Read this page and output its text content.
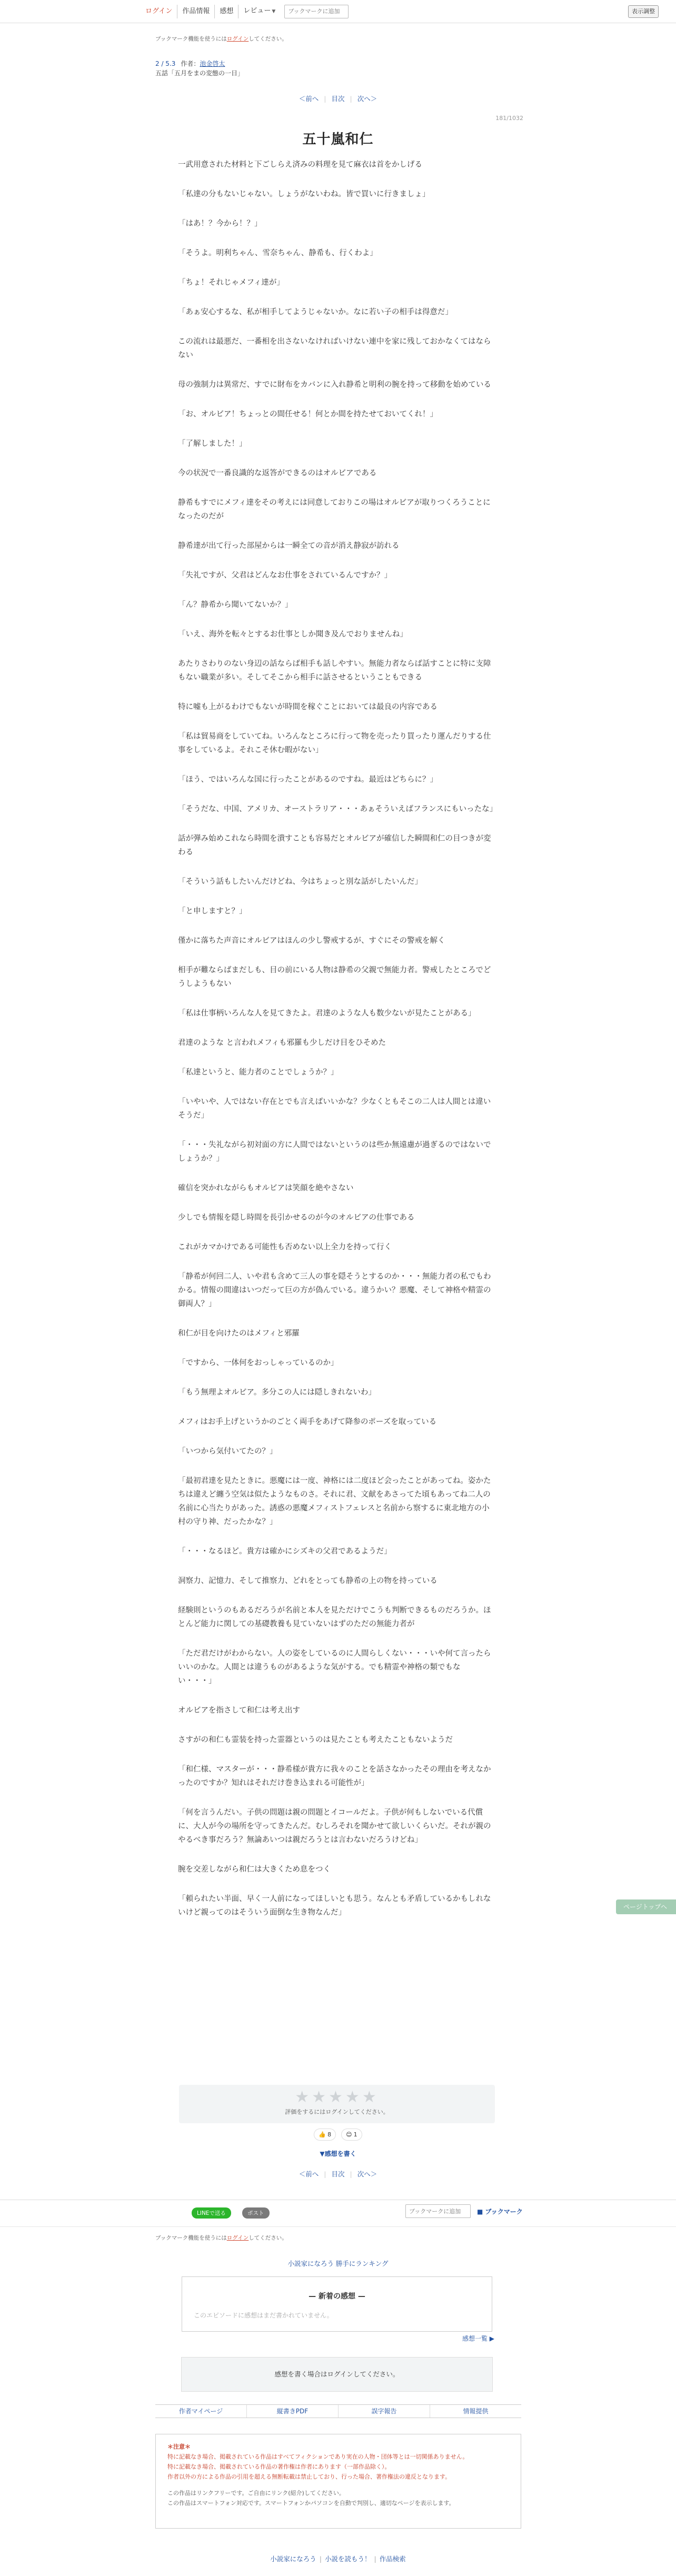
ログイン	作品情報	感想	レビュー ▼
ブックマークに追加	表示調整
ブックマーク機能を使うにはログインしてください。
2 / 5.3 作者：池金啓太
五話「五月をまの変態の一日」
＜前へ | 目次 | 次へ＞
181/1032
五十嵐和仁

一武用意された材料と下ごしらえ済みの料理を見て麻衣は首をかしげる

「私達の分もないじゃない。しょうがないわね。皆で買いに行きましょ」

「はあ！？今から！？」

「そうよ。明利ちゃん、雪奈ちゃん、静希も、行くわよ」

「ちょ！それじゃメフィ達が」

「あぁ安心するな、私が相手してようじゃないか。なに若い子の相手は得意だ」

この流れは最悪だ、一番相を出さないなければいけない連中を家に残しておかなくてはならない

母の強制力は異常だ、すでに財布をカバンに入れ静希と明利の腕を持って移動を始めている

「お、オルビア！ちょっとの間任せる！何とか間を持たせておいてくれ！」

「了解しました！」

今の状況で一番良識的な返答ができるのはオルビアである

静希もすでにメフィ達をその考えには同意しておりこの場はオルビアが取りつくろうことになったのだが

静希達が出て行った部屋からは一瞬全ての音が消え静寂が訪れる

「失礼ですが、父君はどんなお仕事をされているんですか？」

「ん？静希から聞いてないか？」

「いえ、海外を転々とするお仕事としか聞き及んでおりませんね」

あたりさわりのない身辺の話ならば相手も話しやすい。無能力者ならば話すことに特に支障もない職業が多い。そしてそこから相手に話させるということもできる

特に嘘も上がるわけでもないが時間を稼ぐことにおいては最良の内容である

「私は貿易商をしていてね。いろんなところに行って物を売ったり買ったり運んだりする仕事をしているよ。それこそ休む暇がない」

「ほう、ではいろんな国に行ったことがあるのですね。最近はどちらに？」

「そうだな、中国、アメリカ、オーストラリア・・・あぁそういえばフランスにもいったな」

話が弾み始めこれなら時間を潰すことも容易だとオルビアが確信した瞬間和仁の目つきが変わる

「そういう話もしたいんだけどね、今はちょっと別な話がしたいんだ」

「と申しますと？」

僅かに落ちた声音にオルビアはほんの少し警戒するが、すぐにその警戒を解く

相手が難ならばまだしも、目の前にいる人物は静希の父親で無能力者。警戒したところでどうしようもない

「私は仕事柄いろんな人を見てきたよ。君達のような人も数少ないが見たことがある」

君達のような と言われメフィも邪羅も少しだけ目をひそめた

「私達というと、能力者のことでしょうか？」

「いやいや、人ではない存在とでも言えばいいかな？少なくともそこの二人は人間とは違いそうだ」

「・・・失礼ながら初対面の方に人間ではないというのは些か無遠慮が過ぎるのではないでしょうか？」

確信を突かれながらもオルビアは笑顔を絶やさない

少しでも情報を隠し時間を長引かせるのが今のオルビアの仕事である

これがカマかけである可能性も否めない以上全力を持って行く

「静希が何回二人、いや君も含めて三人の事を隠そうとするのか・・・無能力者の私でもわかる。情報の間違はいつだって巨の方が偽んでいる。違うかい？悪魔、そして神格や精霊の御両人？」

和仁が目を向けたのはメフィと邪羅

「ですから、一体何をおっしゃっているのか」

「もう無理よオルビア。多分この人には隠しきれないわ」

メフィはお手上げというかのごとく両手をあげて降参のポーズを取っている

「いつから気付いてたの？」

「最初君達を見たときに。悪魔には一度、神格には二度ほど会ったことがあってね。姿かたちは違えど纏う空気は似たようなものさ。それに君、文献をあさってた頃もあってね二人の名前に心当たりがあった。誘惑の悪魔メフィストフェレスと名前から察するに東北地方の小村の守り神、だったかな？」

「・・・なるほど。貴方は確かにシズキの父君であるようだ」

洞察力、記憶力、そして推察力、どれをとっても静希の上の物を持っている

経験則というのもあるだろうが名前と本人を見ただけでこうも判断できるものだろうか。ほとんど能力に関しての基礎教養も見ていないはずのただの無能力者が

「ただ君だけがわからない。人の姿をしているのに人間らしくない・・・いや何て言ったらいいのかな。人間とは違うものがあるような気がする。でも精霊や神格の類でもない・・・」

オルビアを指さして和仁は考え出す

さすがの和仁も霊装を持った霊器というのは見たことも考えたこともないようだ

「和仁様、マスターが・・・静希様が貴方に我々のことを話さなかったその理由を考えなかったのですか？知れはそれだけ巻き込まれる可能性が」

「何を言うんだい。子供の問題は親の問題とイコールだよ。子供が何もしないでいる代償に、大人が今の場所を守ってきたんだ。むしろそれを聞かせて欲しいくらいだ。それが親のやるべき事だろう？無論あいつは親だろうとは言わないだろうけどね」

腕を交差しながら和仁は大きくため息をつく

「頼られたい半面、早く一人前になってほしいとも思う。なんとも矛盾しているかもしれないけど親ってのはそういう面倒な生き物なんだ」

ページトップへ
★★★★★
評価をするにはログインしてください。
👍 8	😊 1
▼感想を書く
＜前へ | 目次 | 次へ＞
LINEで送る	ポスト
ブックマークに追加	■ ブックマーク
ブックマーク機能を使うにはログインしてください。
小説家になろう 勝手にランキング
— 新着の感想 —
このエピソードに感想はまだ書かれていません。
感想一覧 ▶
感想を書く場合はログインしてください。
作者マイページ	縦書きPDF	誤字報告	情報提供
＊注意＊
特に記載なき場合、掲載されている作品はすべてフィクションであり実在の人物・団体等とは一切関係ありません。
特に記載なき場合、掲載されている作品の著作権は作者にあります（一部作品除く）。
作者以外の方による作品の引用を超える無断転載は禁止しており、行った場合、著作権法の違反となります。
この作品はリンクフリーです。ご自由にリンク(紹介)してください。
この作品はスマートフォン対応です。スマートフォンかパソコンを自動で判別し、適切なページを表示します。
小説家になろう | 小説を読もう！ | 作品検索
